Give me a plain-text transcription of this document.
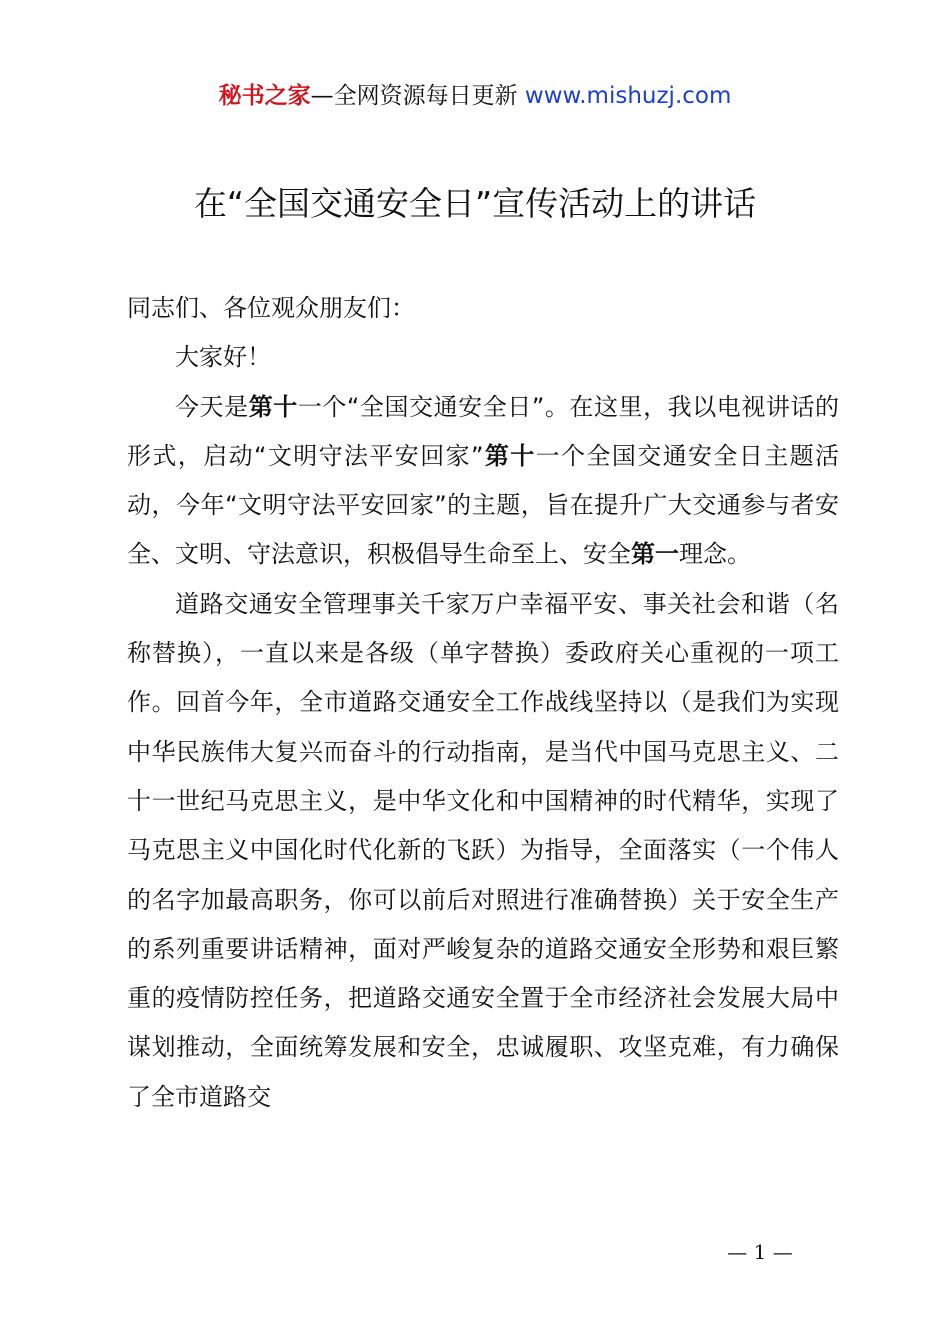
秘书之家—全网资源每日更新 www.mishuzj.com
在“全国交通安全日”宣传活动上的讲话

同志们、各位观众朋友们：

大家好！

今天是第十一个“全国交通安全日”。在这里，我以电视讲话的形式，启动“文明守法平安回家”第十一个全国交通安全日主题活动，今年“文明守法平安回家”的主题，旨在提升广大交通参与者安全、文明、守法意识，积极倡导生命至上、安全第一理念。

道路交通安全管理事关千家万户幸福平安、事关社会和谐（名称替换），一直以来是各级（单字替换）委政府关心重视的一项工作。回首今年，全市道路交通安全工作战线坚持以（是我们为实现中华民族伟大复兴而奋斗的行动指南，是当代中国马克思主义、二十一世纪马克思主义，是中华文化和中国精神的时代精华，实现了马克思主义中国化时代化新的飞跃）为指导，全面落实（一个伟人的名字加最高职务，你可以前后对照进行准确替换）关于安全生产的系列重要讲话精神，面对严峻复杂的道路交通安全形势和艰巨繁重的疫情防控任务，把道路交通安全置于全市经济社会发展大局中谋划推动，全面统筹发展和安全，忠诚履职、攻坚克难，有力确保了全市道路交

— 1 —
